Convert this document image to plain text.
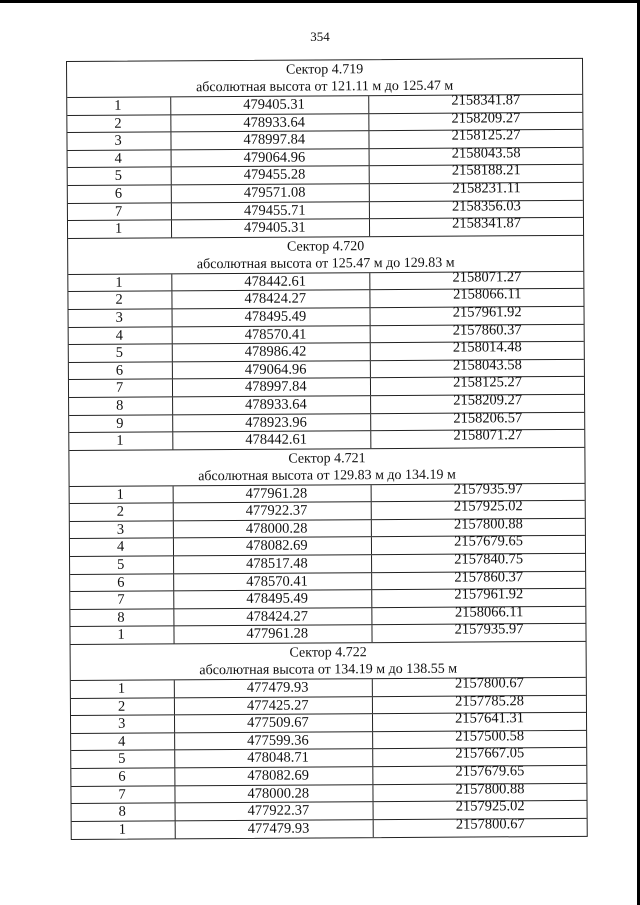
354
Сектор 4.719
абсолютная высота от 121.11 м до 125.47 м
1	479405.31	2158341.87
2	478933.64	2158209.27
3	478997.84	2158125.27
4	479064.96	2158043.58
5	479455.28	2158188.21
6	479571.08	2158231.11
7	479455.71	2158356.03
1	479405.31	2158341.87
Сектор 4.720
абсолютная высота от 125.47 м до 129.83 м
1	478442.61	2158071.27
2	478424.27	2158066.11
3	478495.49	2157961.92
4	478570.41	2157860.37
5	478986.42	2158014.48
6	479064.96	2158043.58
7	478997.84	2158125.27
8	478933.64	2158209.27
9	478923.96	2158206.57
1	478442.61	2158071.27
Сектор 4.721
абсолютная высота от 129.83 м до 134.19 м
1	477961.28	2157935.97
2	477922.37	2157925.02
3	478000.28	2157800.88
4	478082.69	2157679.65
5	478517.48	2157840.75
6	478570.41	2157860.37
7	478495.49	2157961.92
8	478424.27	2158066.11
1	477961.28	2157935.97
Сектор 4.722
абсолютная высота от 134.19 м до 138.55 м
1	477479.93	2157800.67
2	477425.27	2157785.28
3	477509.67	2157641.31
4	477599.36	2157500.58
5	478048.71	2157667.05
6	478082.69	2157679.65
7	478000.28	2157800.88
8	477922.37	2157925.02
1	477479.93	2157800.67
